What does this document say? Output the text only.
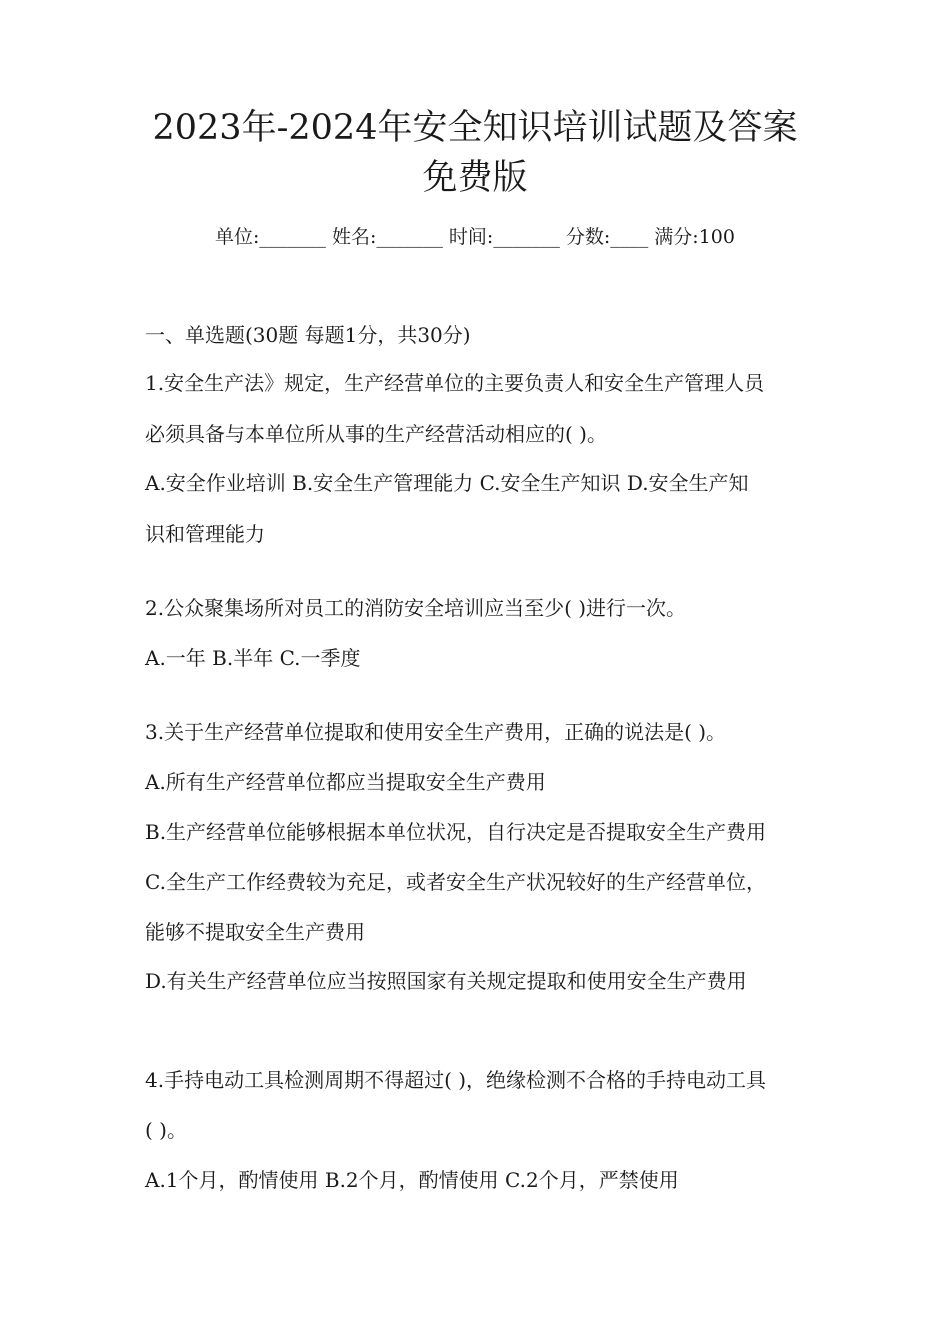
2023年-2024年安全知识培训试题及答案
免费版
单位:_______ 姓名:_______ 时间:_______ 分数:____ 满分:100
一、单选题(30题 每题1分，共30分)
1.安全生产法》规定，生产经营单位的主要负责人和安全生产管理人员
必须具备与本单位所从事的生产经营活动相应的( )。
A.安全作业培训 B.安全生产管理能力 C.安全生产知识 D.安全生产知
识和管理能力
2.公众聚集场所对员工的消防安全培训应当至少( )进行一次。
A.一年 B.半年 C.一季度
3.关于生产经营单位提取和使用安全生产费用，正确的说法是( )。
A.所有生产经营单位都应当提取安全生产费用
B.生产经营单位能够根据本单位状况，自行决定是否提取安全生产费用
C.全生产工作经费较为充足，或者安全生产状况较好的生产经营单位，
能够不提取安全生产费用
D.有关生产经营单位应当按照国家有关规定提取和使用安全生产费用
4.手持电动工具检测周期不得超过( )，绝缘检测不合格的手持电动工具
( )。
A.1个月，酌情使用 B.2个月，酌情使用 C.2个月，严禁使用
